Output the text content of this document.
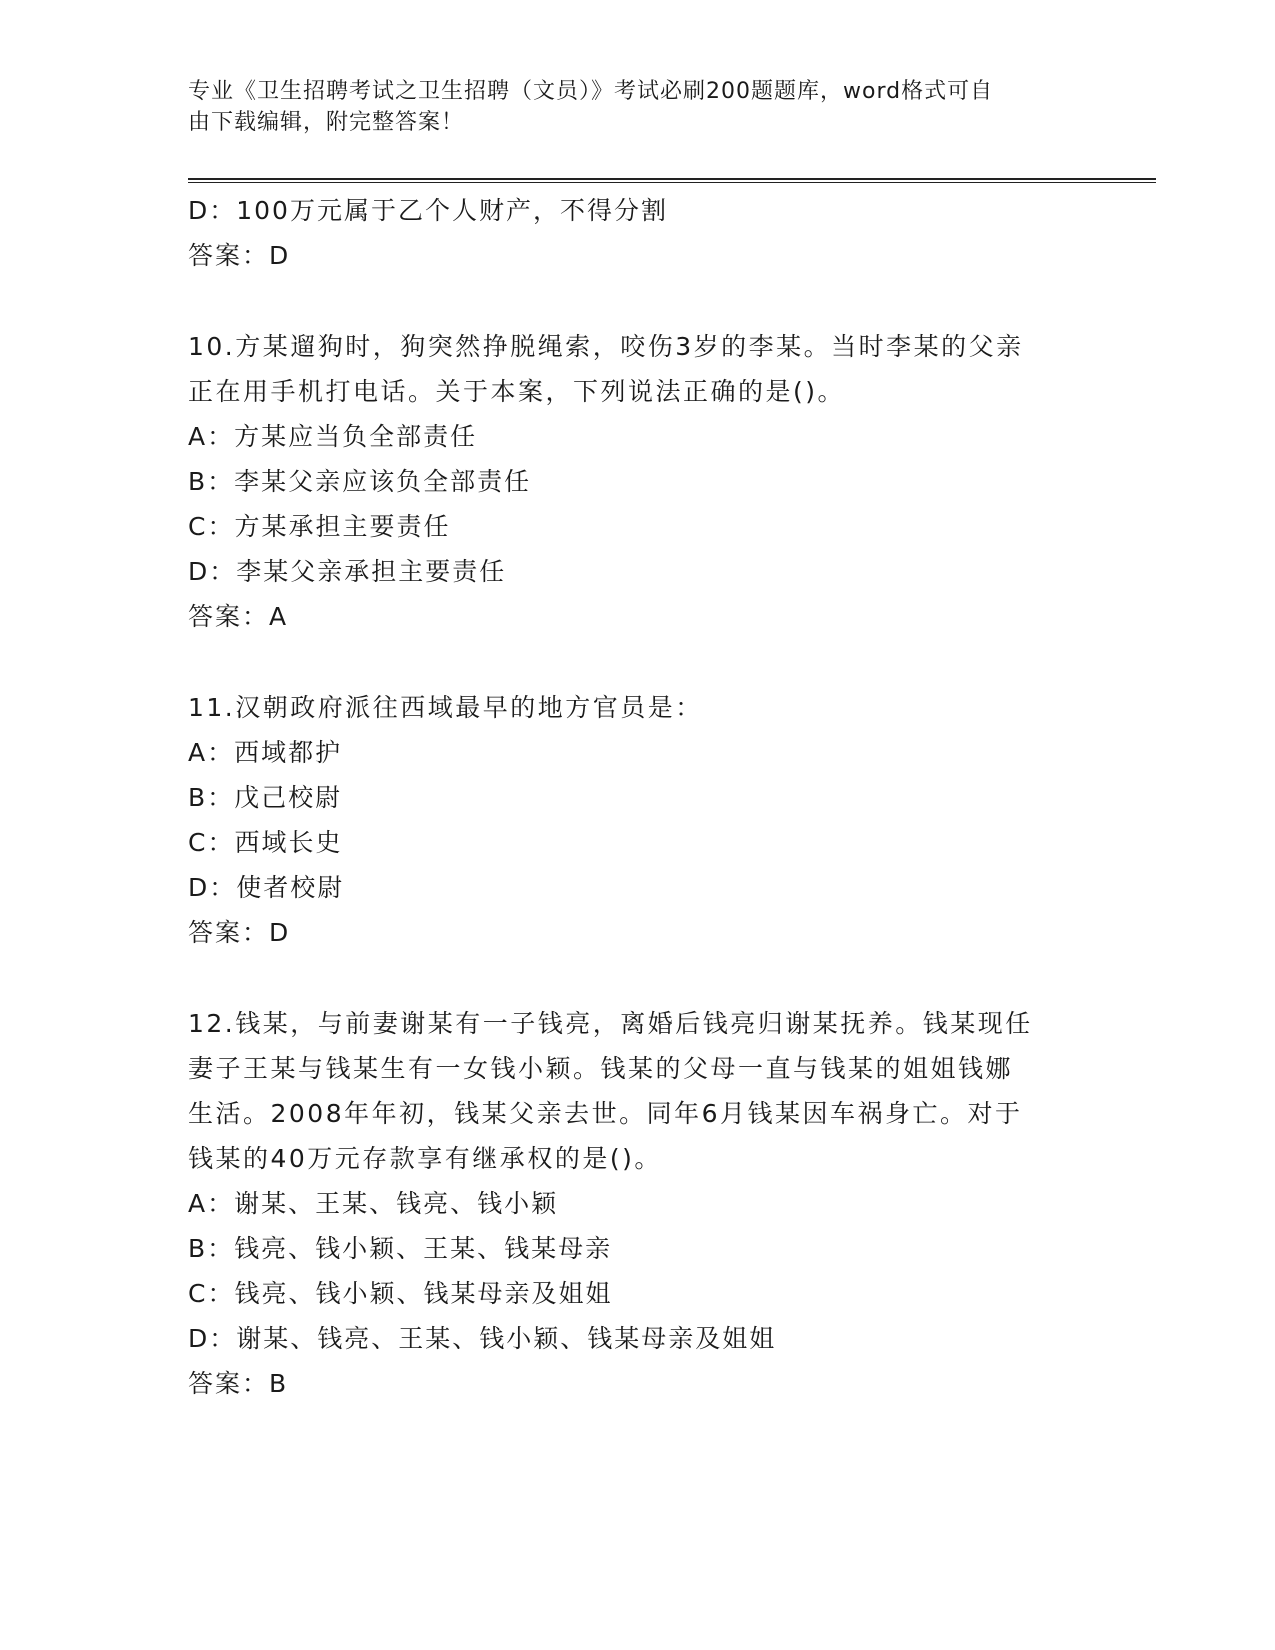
专业《卫生招聘考试之卫生招聘（文员）》考试必刷200题题库，word格式可自
由下载编辑，附完整答案！
D：100万元属于乙个人财产，不得分割
答案：D
10.方某遛狗时，狗突然挣脱绳索，咬伤3岁的李某。当时李某的父亲
正在用手机打电话。关于本案，下列说法正确的是()。
A：方某应当负全部责任
B：李某父亲应该负全部责任
C：方某承担主要责任
D：李某父亲承担主要责任
答案：A
11.汉朝政府派往西域最早的地方官员是：
A：西域都护
B：戊己校尉
C：西域长史
D：使者校尉
答案：D
12.钱某，与前妻谢某有一子钱亮，离婚后钱亮归谢某抚养。钱某现任
妻子王某与钱某生有一女钱小颖。钱某的父母一直与钱某的姐姐钱娜
生活。2008年年初，钱某父亲去世。同年6月钱某因车祸身亡。对于
钱某的40万元存款享有继承权的是()。
A：谢某、王某、钱亮、钱小颖
B：钱亮、钱小颖、王某、钱某母亲
C：钱亮、钱小颖、钱某母亲及姐姐
D：谢某、钱亮、王某、钱小颖、钱某母亲及姐姐
答案：B
